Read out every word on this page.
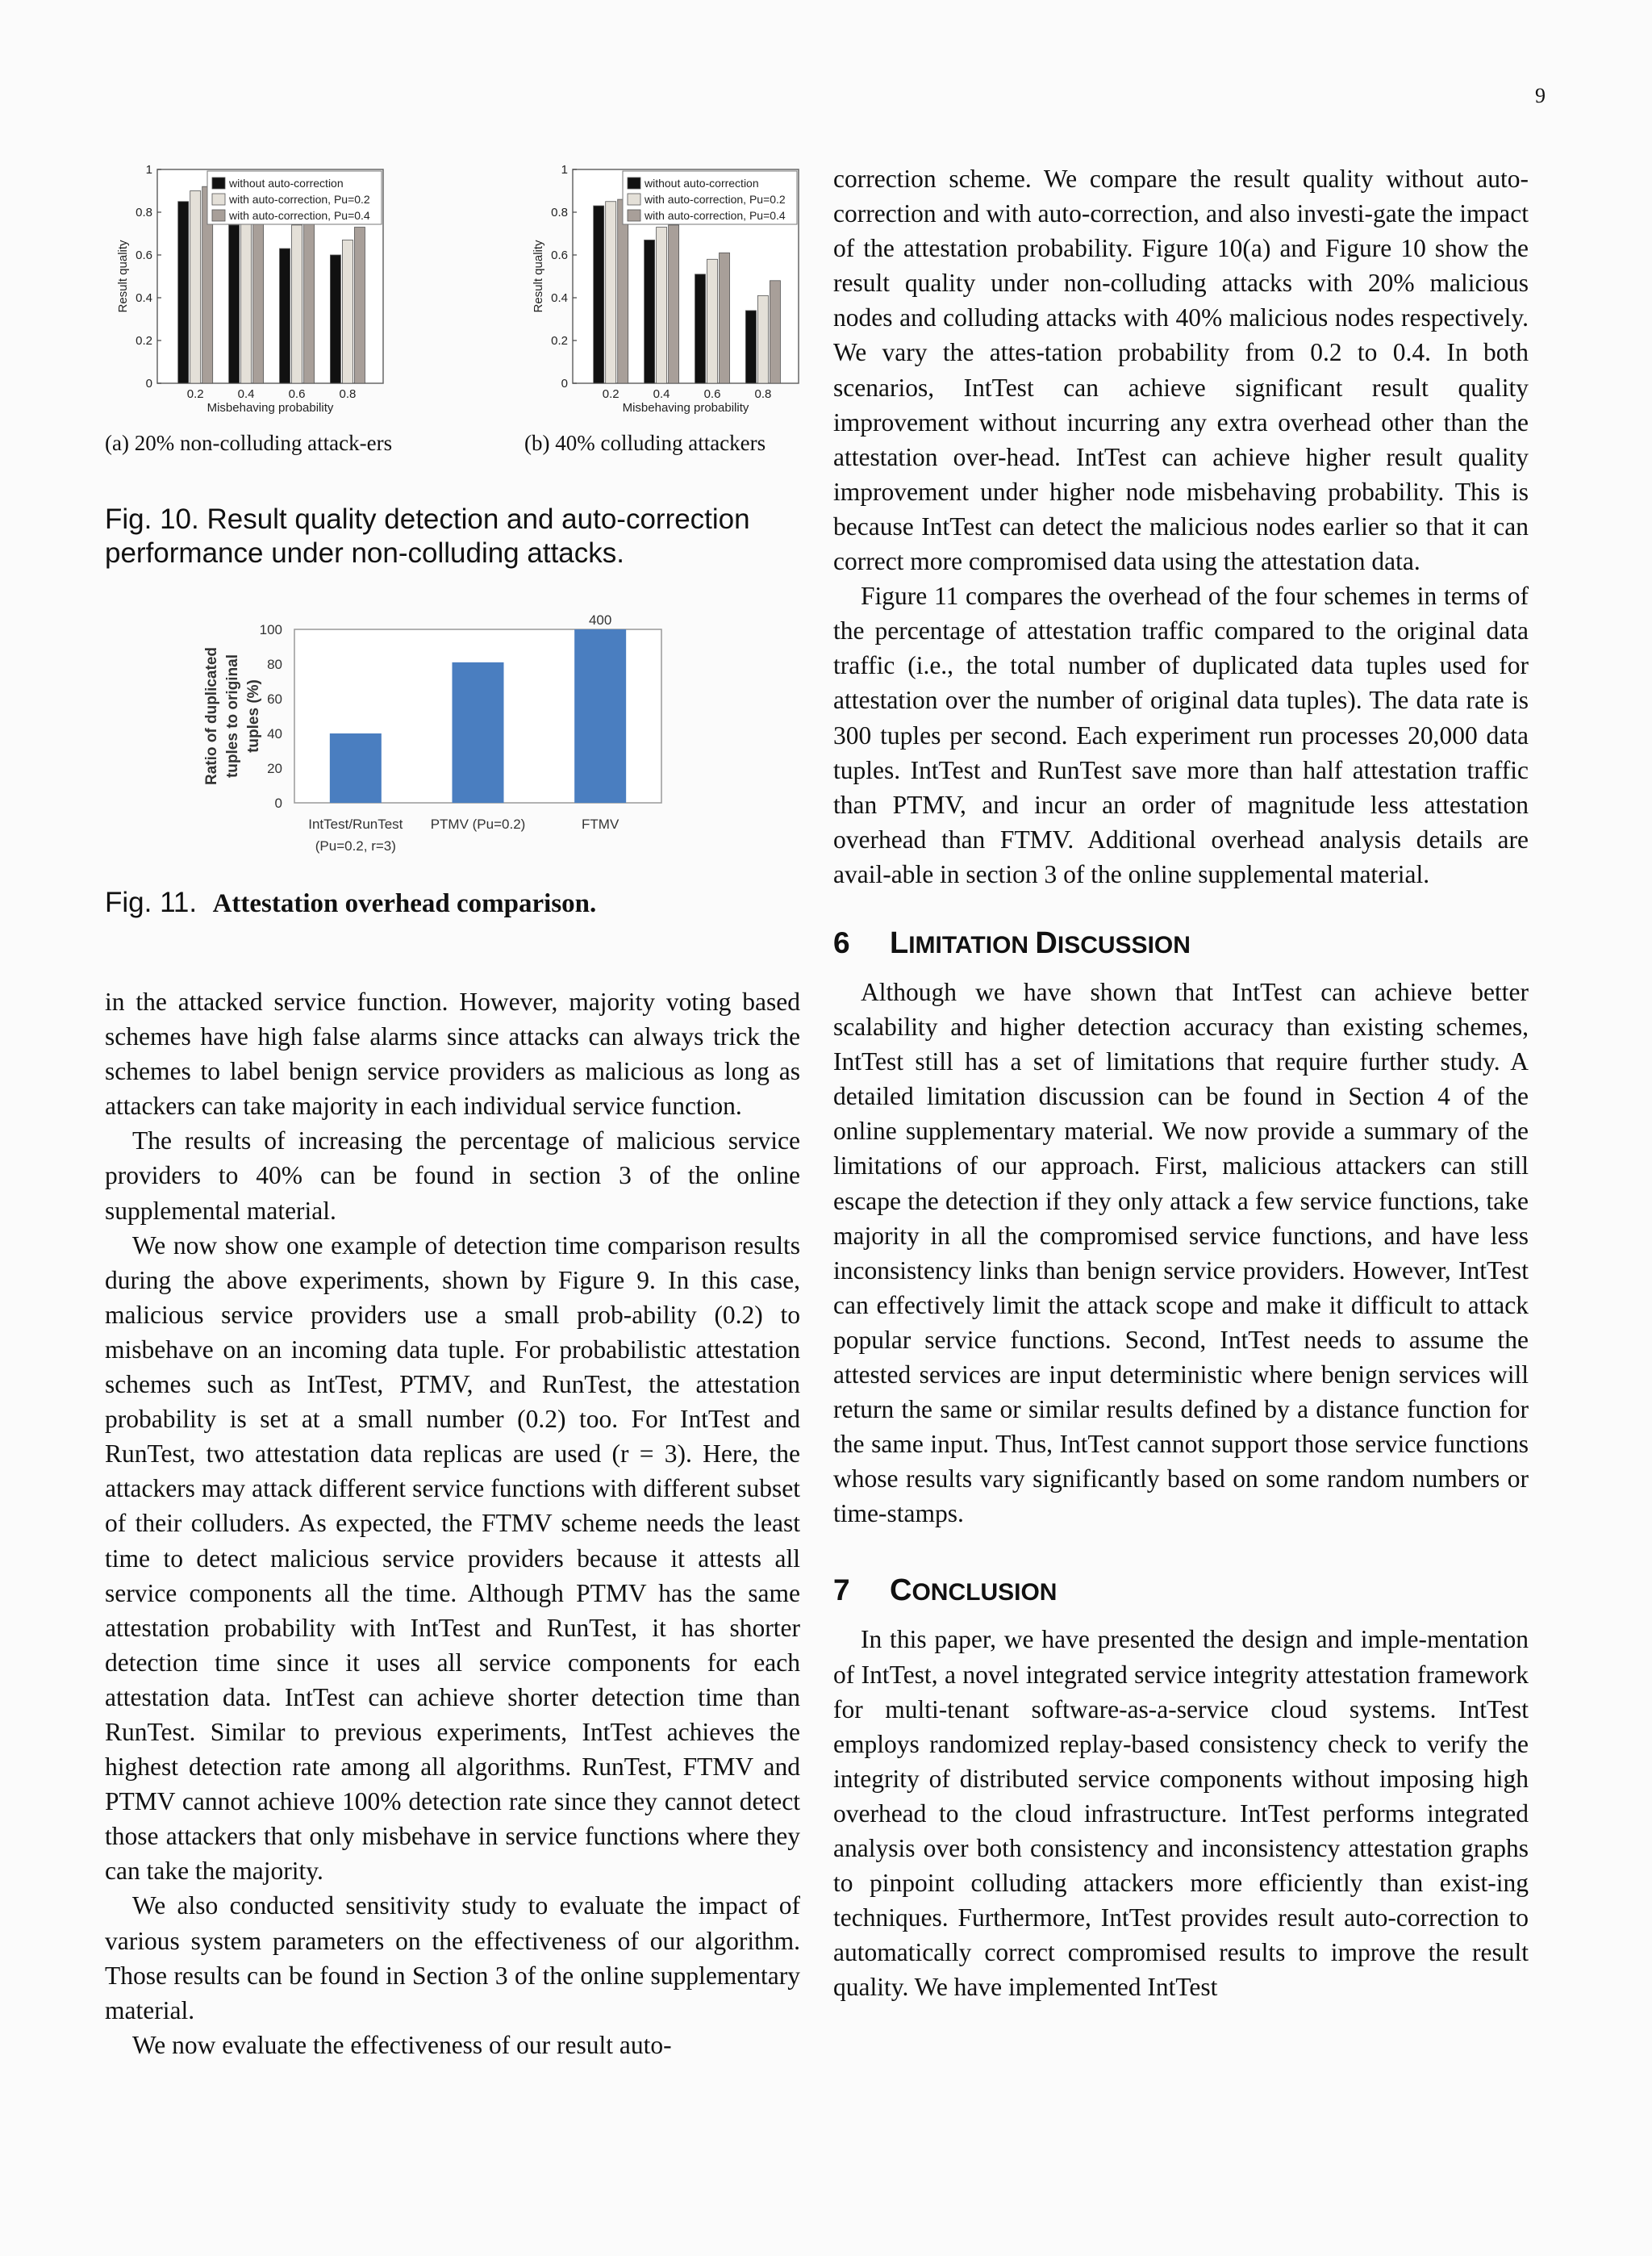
9
0
0.2
0.4
0.6
0.8
1
0.2	0.4	0.6	0.8
Misbehaving probability
Result quality
without auto-correction
with auto-correction, Pu=0.2
with auto-correction, Pu=0.4
(a) 20% non-colluding attack-ers
0
0.2
0.4
0.6
0.8
1
0.2	0.4	0.6	0.8
Misbehaving probability
Result quality
without auto-correction
with auto-correction, Pu=0.2
with auto-correction, Pu=0.4
(b) 40% colluding attackers
Fig. 10. Result quality detection and auto-correction performance under non-colluding attacks.
0
20
40
60
80
100
IntTest/RunTest
(Pu=0.2, r=3)
PTMV (Pu=0.2)
400
FTMV
Ratio of duplicated tuples to original tuples (%)
Fig. 11. Attestation overhead comparison.

in the attacked service function. However, majority voting based schemes have high false alarms since attacks can always trick the schemes to label benign service providers as malicious as long as attackers can take majority in each individual service function.

The results of increasing the percentage of malicious service providers to 40% can be found in section 3 of the online supplemental material.

We now show one example of detection time comparison results during the above experiments, shown by Figure 9. In this case, malicious service providers use a small prob-ability (0.2) to misbehave on an incoming data tuple. For probabilistic attestation schemes such as IntTest, PTMV, and RunTest, the attestation probability is set at a small number (0.2) too. For IntTest and RunTest, two attestation data replicas are used (r = 3). Here, the attackers may attack different service functions with different subset of their colluders. As expected, the FTMV scheme needs the least time to detect malicious service providers because it attests all service components all the time. Although PTMV has the same attestation probability with IntTest and RunTest, it has shorter detection time since it uses all service components for each attestation data. IntTest can achieve shorter detection time than RunTest. Similar to previous experiments, IntTest achieves the highest detection rate among all algorithms. RunTest, FTMV and PTMV cannot achieve 100% detection rate since they cannot detect those attackers that only misbehave in service functions where they can take the majority.

We also conducted sensitivity study to evaluate the impact of various system parameters on the effectiveness of our algorithm. Those results can be found in Section 3 of the online supplementary material.

We now evaluate the effectiveness of our result auto-

correction scheme. We compare the result quality without auto-correction and with auto-correction, and also investi-gate the impact of the attestation probability. Figure 10(a) and Figure 10 show the result quality under non-colluding attacks with 20% malicious nodes and colluding attacks with 40% malicious nodes respectively. We vary the attes-tation probability from 0.2 to 0.4. In both scenarios, IntTest can achieve significant result quality improvement without incurring any extra overhead other than the attestation over-head. IntTest can achieve higher result quality improvement under higher node misbehaving probability. This is because IntTest can detect the malicious nodes earlier so that it can correct more compromised data using the attestation data.

Figure 11 compares the overhead of the four schemes in terms of the percentage of attestation traffic compared to the original data traffic (i.e., the total number of duplicated data tuples used for attestation over the number of original data tuples). The data rate is 300 tuples per second. Each experiment run processes 20,000 data tuples. IntTest and RunTest save more than half attestation traffic than PTMV, and incur an order of magnitude less attestation overhead than FTMV. Additional overhead analysis details are avail-able in section 3 of the online supplemental material.

6 LIMITATION DISCUSSION

Although we have shown that IntTest can achieve better scalability and higher detection accuracy than existing schemes, IntTest still has a set of limitations that require further study. A detailed limitation discussion can be found in Section 4 of the online supplementary material. We now provide a summary of the limitations of our approach. First, malicious attackers can still escape the detection if they only attack a few service functions, take majority in all the compromised service functions, and have less inconsistency links than benign service providers. However, IntTest can effectively limit the attack scope and make it difficult to attack popular service functions. Second, IntTest needs to assume the attested services are input deterministic where benign services will return the same or similar results defined by a distance function for the same input. Thus, IntTest cannot support those service functions whose results vary significantly based on some random numbers or time-stamps.

7 CONCLUSION

In this paper, we have presented the design and imple-mentation of IntTest, a novel integrated service integrity attestation framework for multi-tenant software-as-a-service cloud systems. IntTest employs randomized replay-based consistency check to verify the integrity of distributed service components without imposing high overhead to the cloud infrastructure. IntTest performs integrated analysis over both consistency and inconsistency attestation graphs to pinpoint colluding attackers more efficiently than exist-ing techniques. Furthermore, IntTest provides result auto-correction to automatically correct compromised results to improve the result quality. We have implemented IntTest
